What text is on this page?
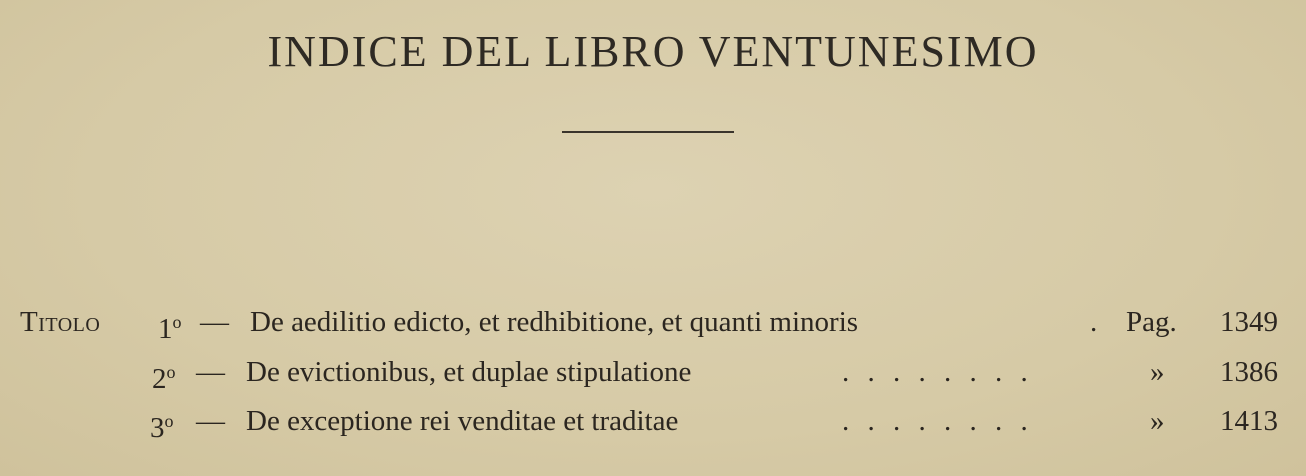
INDICE DEL LIBRO VENTUNESIMO
Titolo 1$^o$ — De aedilitio edicto, et redhibitione, et quanti minoris	. Pag.	1349
2$^o$ — De evictionibus, et duplae stipulatione	. . . . . . . .	»	1386
3$^o$ — De exceptione rei venditae et traditae	. . . . . . . .	»	1413
